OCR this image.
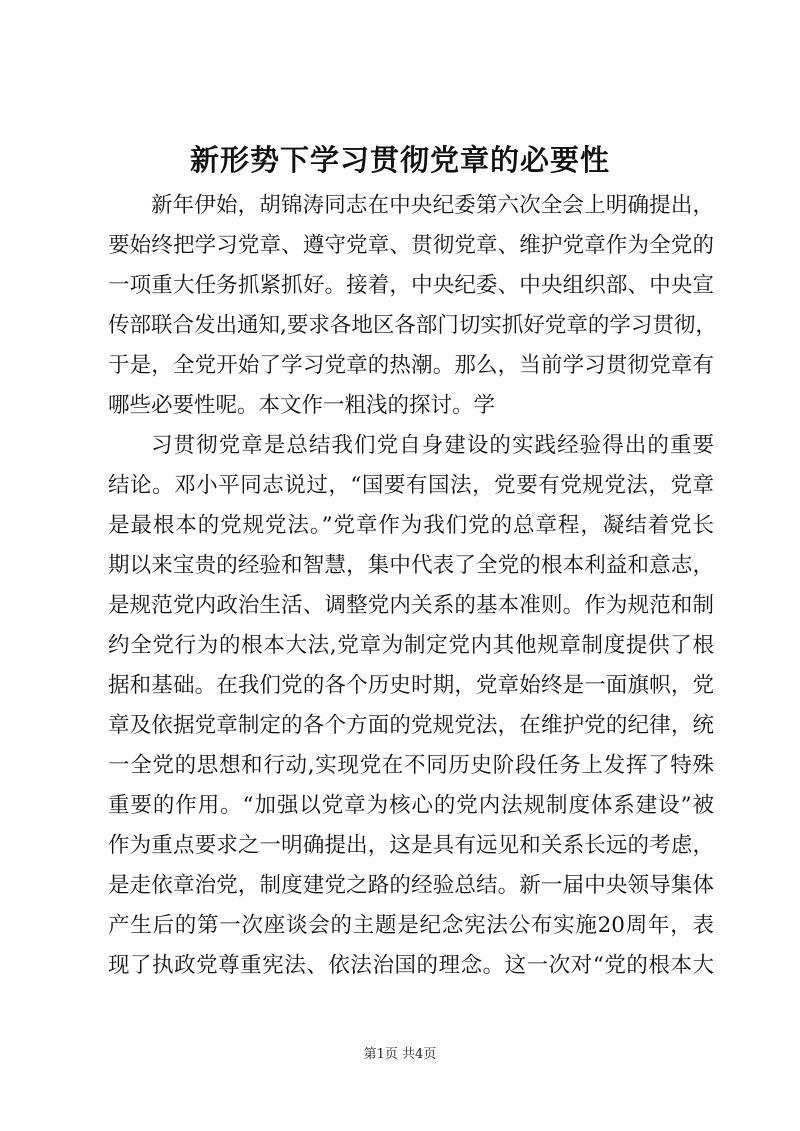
新形势下学习贯彻党章的必要性
新年伊始，胡锦涛同志在中央纪委第六次全会上明确提出，
要始终把学习党章、遵守党章、贯彻党章、维护党章作为全党的
一项重大任务抓紧抓好。接着，中央纪委、中央组织部、中央宣
传部联合发出通知,要求各地区各部门切实抓好党章的学习贯彻，
于是，全党开始了学习党章的热潮。那么，当前学习贯彻党章有
哪些必要性呢。本文作一粗浅的探讨。学
习贯彻党章是总结我们党自身建设的实践经验得出的重要
结论。邓小平同志说过，“国要有国法，党要有党规党法，党章
是最根本的党规党法。”党章作为我们党的总章程，凝结着党长
期以来宝贵的经验和智慧，集中代表了全党的根本利益和意志，
是规范党内政治生活、调整党内关系的基本准则。作为规范和制
约全党行为的根本大法,党章为制定党内其他规章制度提供了根
据和基础。在我们党的各个历史时期，党章始终是一面旗帜，党
章及依据党章制定的各个方面的党规党法，在维护党的纪律，统
一全党的思想和行动,实现党在不同历史阶段任务上发挥了特殊
重要的作用。“加强以党章为核心的党内法规制度体系建设”被
作为重点要求之一明确提出，这是具有远见和关系长远的考虑，
是走依章治党，制度建党之路的经验总结。新一届中央领导集体
产生后的第一次座谈会的主题是纪念宪法公布实施20周年，表
现了执政党尊重宪法、依法治国的理念。这一次对“党的根本大
第1页 共4页
